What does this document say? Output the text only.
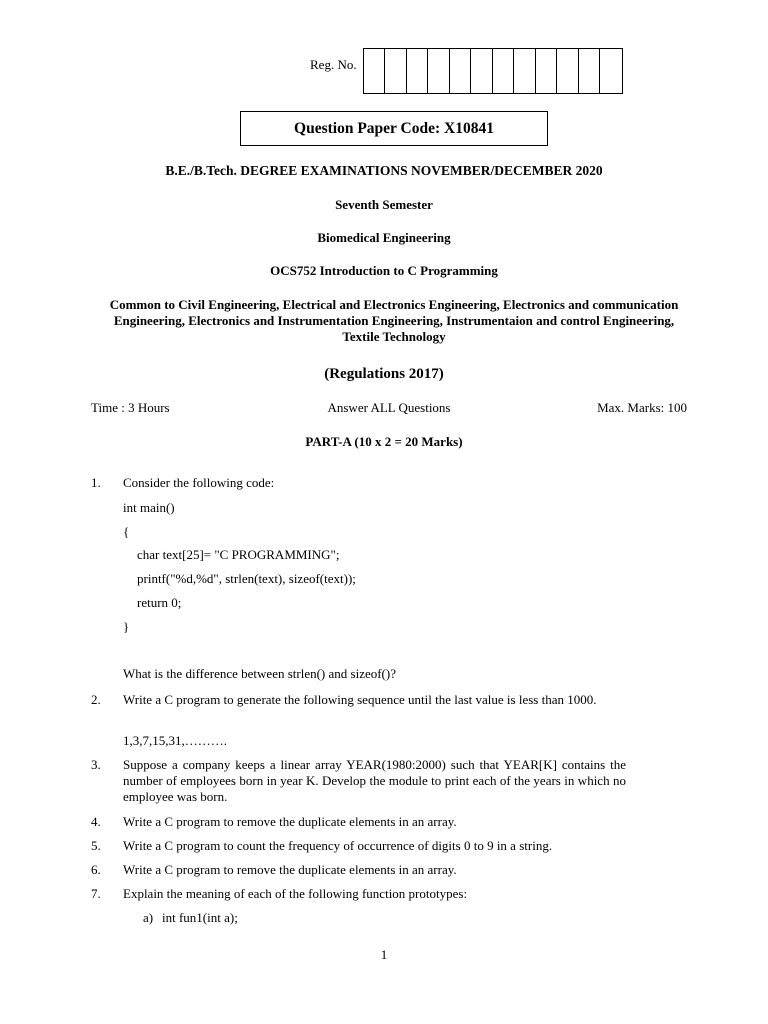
Reg. No.
Question Paper Code: X10841
B.E./B.Tech. DEGREE EXAMINATIONS NOVEMBER/DECEMBER 2020
Seventh Semester
Biomedical Engineering
OCS752 Introduction to C Programming
Common to Civil Engineering, Electrical and Electronics Engineering, Electronics and communication Engineering, Electronics and Instrumentation Engineering, Instrumentaion and control Engineering, Textile Technology
(Regulations 2017)
Time : 3 Hours	Answer ALL Questions	Max. Marks: 100
PART-A (10 x 2 = 20 Marks)
1. Consider the following code:
int main()
{
char text[25]= "C PROGRAMMING";
printf("%d,%d", strlen(text), sizeof(text));
return 0;
}
What is the difference between strlen() and sizeof()?
2. Write a C program to generate the following sequence until the last value is less than 1000.
1,3,7,15,31,……….
3. Suppose a company keeps a linear array YEAR(1980:2000) such that YEAR[K] contains the number of employees born in year K. Develop the module to print each of the years in which no employee was born.
4. Write a C program to remove the duplicate elements in an array.
5. Write a C program to count the frequency of occurrence of digits 0 to 9 in a string.
6. Write a C program to remove the duplicate elements in an array.
7. Explain the meaning of each of the following function prototypes:
a) int fun1(int a);
1
